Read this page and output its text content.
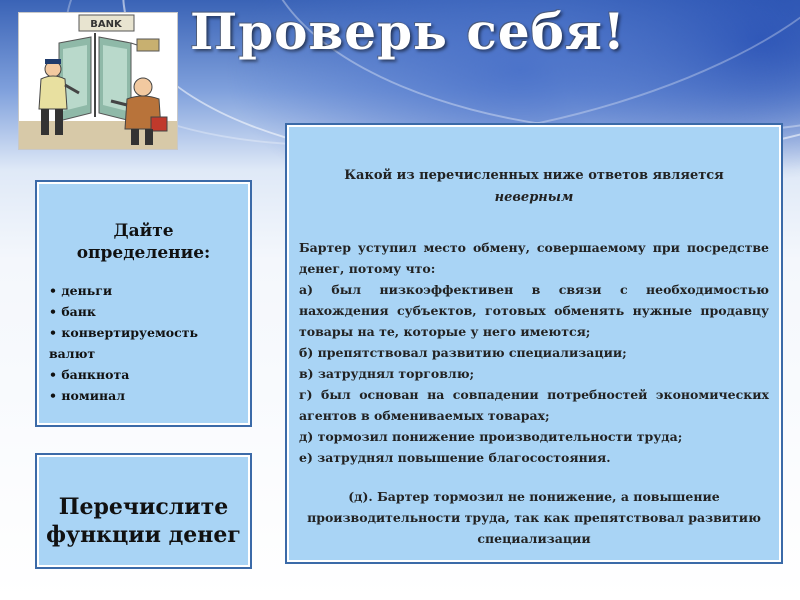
Проверь себя!
BANK
Дайте
определение:
• деньги
• банк
• конвертируемость валют
• банкнота
• номинал
Перечислите
функции денег
Какой из перечисленных ниже ответов является
неверным

Бартер уступил место обмену, совершаемому при посредстве денег, потому что:

а) был низкоэффективен в связи с необходимостью нахождения субъектов, готовых обменять нужные продавцу товары на те, которые у него имеются;

б) препятствовал развитию специализации;

в) затруднял торговлю;

г) был основан на совпадении потребностей экономических агентов в обмениваемых товарах;

д) тормозил понижение производительности труда;

е) затруднял повышение благосостояния.

(д). Бартер тормозил не понижение, а повышение производительности труда, так как препятствовал развитию специализации
